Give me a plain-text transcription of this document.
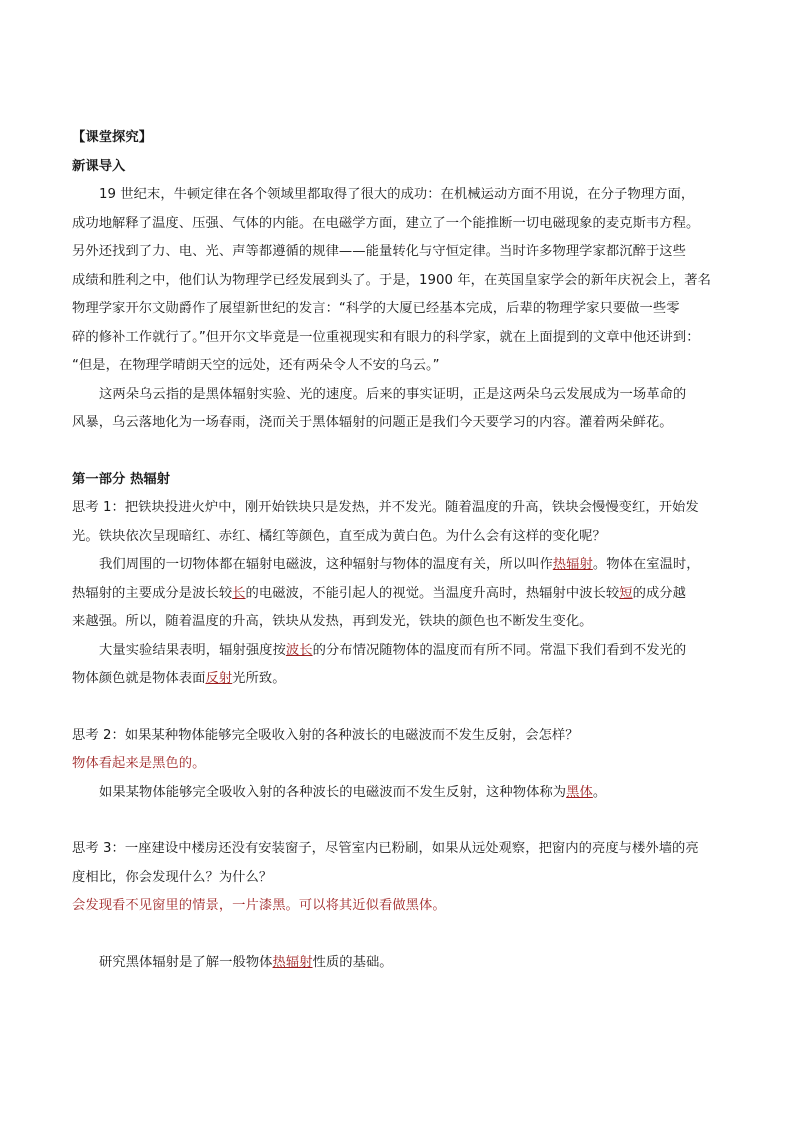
【课堂探究】
新课导入
19 世纪末，牛顿定律在各个领域里都取得了很大的成功：在机械运动方面不用说，在分子物理方面，
成功地解释了温度、压强、气体的内能。在电磁学方面，建立了一个能推断一切电磁现象的麦克斯韦方程。
另外还找到了力、电、光、声等都遵循的规律——能量转化与守恒定律。当时许多物理学家都沉醉于这些
成绩和胜利之中，他们认为物理学已经发展到头了。于是，1900 年，在英国皇家学会的新年庆祝会上，著名
物理学家开尔文勋爵作了展望新世纪的发言：“科学的大厦已经基本完成，后辈的物理学家只要做一些零
碎的修补工作就行了。”但开尔文毕竟是一位重视现实和有眼力的科学家，就在上面提到的文章中他还讲到：
“但是，在物理学晴朗天空的远处，还有两朵令人不安的乌云。”
这两朵乌云指的是黑体辐射实验、光的速度。后来的事实证明，正是这两朵乌云发展成为一场革命的
风暴，乌云落地化为一场春雨，浇而关于黑体辐射的问题正是我们今天要学习的内容。灌着两朵鲜花。
第一部分 热辐射
思考 1：把铁块投进火炉中，刚开始铁块只是发热，并不发光。随着温度的升高，铁块会慢慢变红，开始发
光。铁块依次呈现暗红、赤红、橘红等颜色，直至成为黄白色。为什么会有这样的变化呢？
我们周围的一切物体都在辐射电磁波，这种辐射与物体的温度有关，所以叫作热辐射。物体在室温时，
热辐射的主要成分是波长较长的电磁波，不能引起人的视觉。当温度升高时，热辐射中波长较短的成分越
来越强。所以，随着温度的升高，铁块从发热，再到发光，铁块的颜色也不断发生变化。
大量实验结果表明，辐射强度按波长的分布情况随物体的温度而有所不同。常温下我们看到不发光的
物体颜色就是物体表面反射光所致。
思考 2：如果某种物体能够完全吸收入射的各种波长的电磁波而不发生反射，会怎样？
物体看起来是黑色的。
如果某物体能够完全吸收入射的各种波长的电磁波而不发生反射，这种物体称为黑体。
思考 3：一座建设中楼房还没有安装窗子，尽管室内已粉刷，如果从远处观察，把窗内的亮度与楼外墙的亮
度相比，你会发现什么？为什么？
会发现看不见窗里的情景，一片漆黑。可以将其近似看做黑体。
研究黑体辐射是了解一般物体热辐射性质的基础。
